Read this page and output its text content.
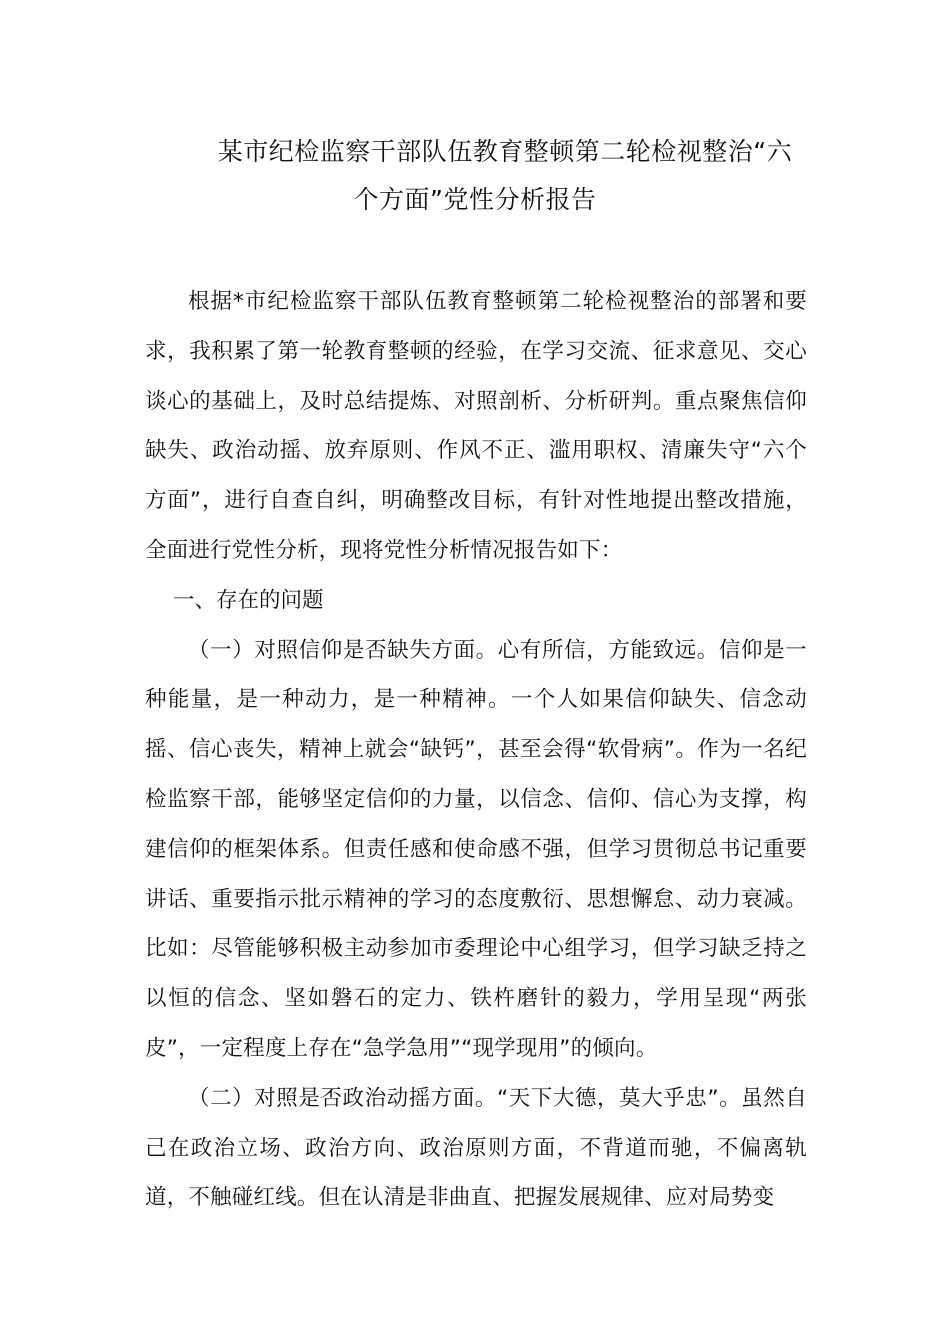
某市纪检监察干部队伍教育整顿第二轮检视整治“六
个方面”党性分析报告

根据*市纪检监察干部队伍教育整顿第二轮检视整治的部署和要求，我积累了第一轮教育整顿的经验，在学习交流、征求意见、交心谈心的基础上，及时总结提炼、对照剖析、分析研判。重点聚焦信仰缺失、政治动摇、放弃原则、作风不正、滥用职权、清廉失守“六个方面”，进行自查自纠，明确整改目标，有针对性地提出整改措施，全面进行党性分析，现将党性分析情况报告如下：

一、存在的问题

（一）对照信仰是否缺失方面。心有所信，方能致远。信仰是一种能量，是一种动力，是一种精神。一个人如果信仰缺失、信念动摇、信心丧失，精神上就会“缺钙”，甚至会得“软骨病”。作为一名纪检监察干部，能够坚定信仰的力量，以信念、信仰、信心为支撑，构建信仰的框架体系。但责任感和使命感不强，但学习贯彻总书记重要讲话、重要指示批示精神的学习的态度敷衍、思想懈怠、动力衰减。比如：尽管能够积极主动参加市委理论中心组学习，但学习缺乏持之以恒的信念、坚如磐石的定力、铁杵磨针的毅力，学用呈现“两张皮”，一定程度上存在“急学急用”“现学现用”的倾向。

（二）对照是否政治动摇方面。“天下大德，莫大乎忠”。虽然自己在政治立场、政治方向、政治原则方面，不背道而驰，不偏离轨道，不触碰红线。但在认清是非曲直、把握发展规律、应对局势变
